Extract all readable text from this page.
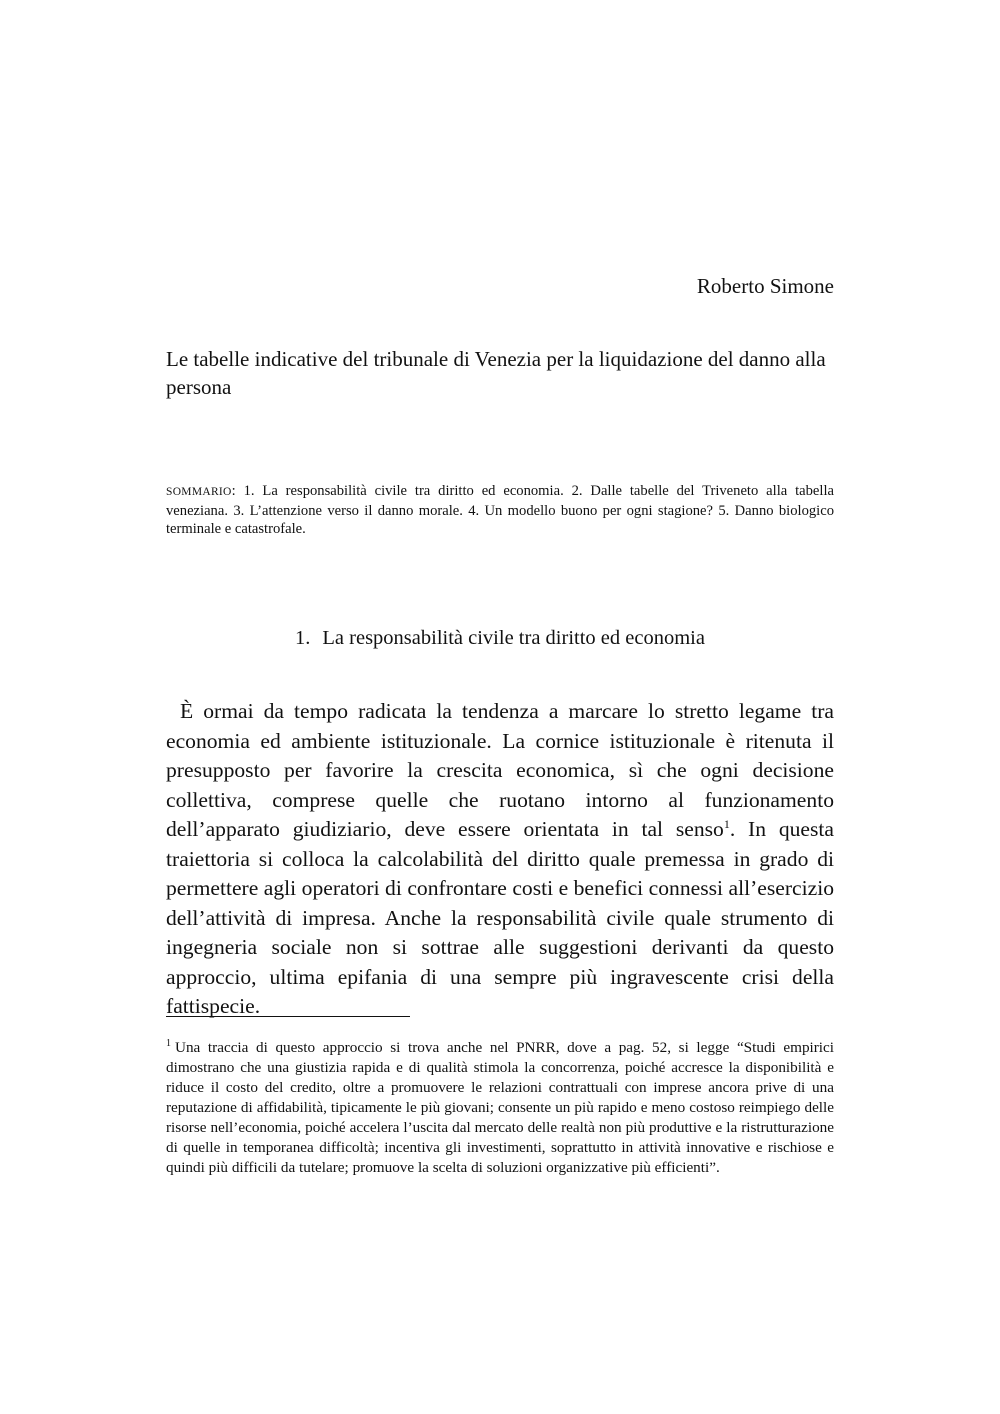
Roberto Simone
Le tabelle indicative del tribunale di Venezia per la liquidazione del danno alla persona
SOMMARIO: 1. La responsabilità civile tra diritto ed economia. 2. Dalle tabelle del Triveneto alla tabella veneziana. 3. L’attenzione verso il danno morale. 4. Un modello buono per ogni stagione? 5. Danno biologico terminale e catastrofale.
1. La responsabilità civile tra diritto ed economia

È ormai da tempo radicata la tendenza a marcare lo stretto legame tra economia ed ambiente istituzionale. La cornice istituzionale è ritenuta il presupposto per favorire la crescita economica, sì che ogni decisione collettiva, comprese quelle che ruotano intorno al funzionamento dell’apparato giudiziario, deve essere orientata in tal senso$^1$. In questa traiettoria si colloca la calcolabilità del diritto quale premessa in grado di permettere agli operatori di confrontare costi e benefici connessi all’esercizio dell’attività di impresa. Anche la responsabilità civile quale strumento di ingegneria sociale non si sottrae alle suggestioni derivanti da questo approccio, ultima epifania di una sempre più ingravescente crisi della fattispecie.

$^1$ Una traccia di questo approccio si trova anche nel PNRR, dove a pag. 52, si legge “Studi empirici dimostrano che una giustizia rapida e di qualità stimola la concorrenza, poiché accresce la disponibilità e riduce il costo del credito, oltre a promuovere le relazioni contrattuali con imprese ancora prive di una reputazione di affidabilità, tipicamente le più giovani; consente un più rapido e meno costoso reimpiego delle risorse nell’economia, poiché accelera l’uscita dal mercato delle realtà non più produttive e la ristrutturazione di quelle in temporanea difficoltà; incentiva gli investimenti, soprattutto in attività innovative e rischiose e quindi più difficili da tutelare; promuove la scelta di soluzioni organizzative più efficienti”.
